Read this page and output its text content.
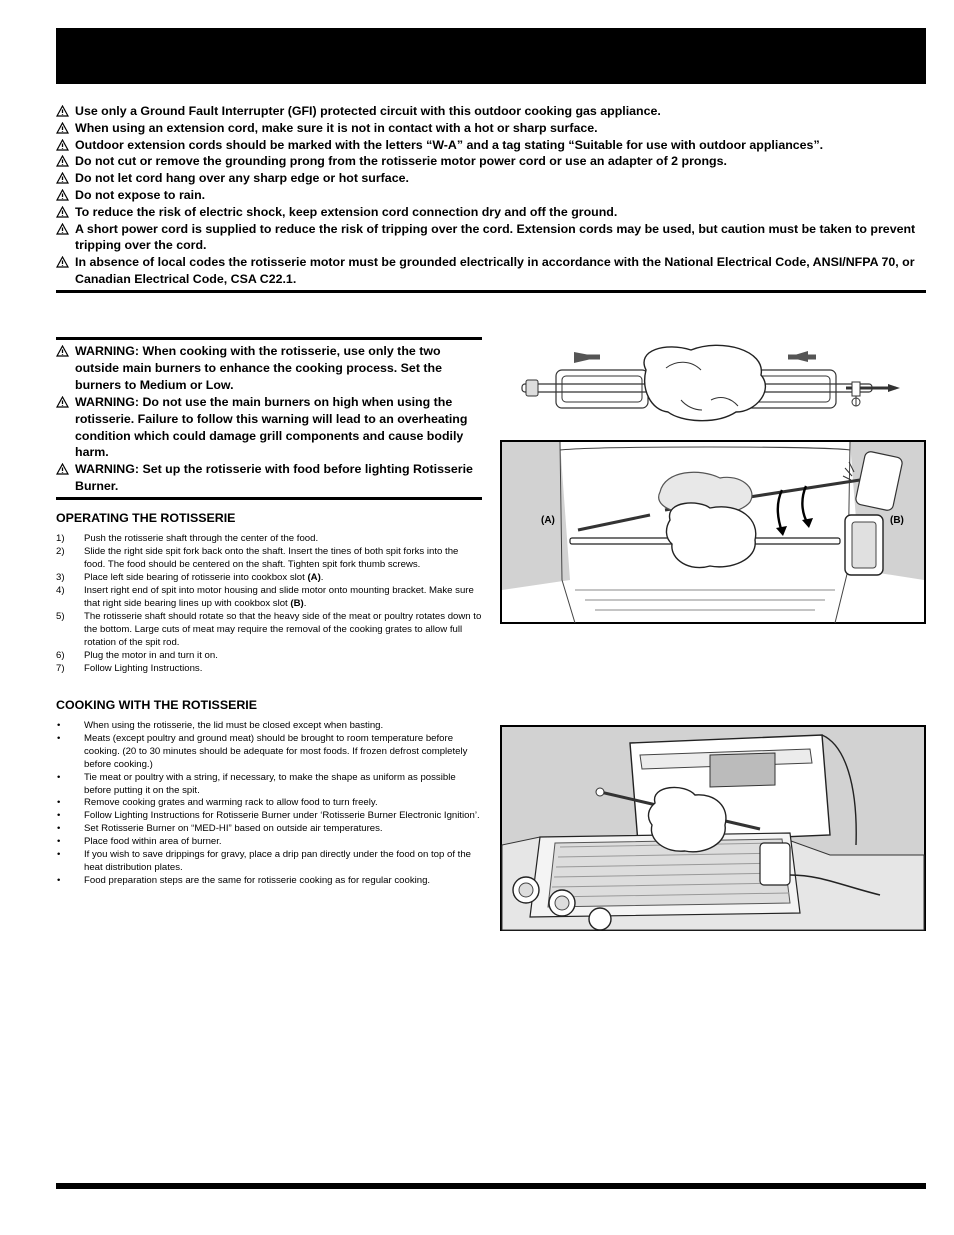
Use only a Ground Fault Interrupter (GFI) protected circuit with this outdoor cooking gas appliance.
When using an extension cord, make sure it is not in contact with a hot or sharp surface.
Outdoor extension cords should be marked with the letters “W-A” and a tag stating “Suitable for use with outdoor appliances”.
Do not cut or remove the grounding prong from the rotisserie motor power cord or use an adapter of 2 prongs.
Do not let cord hang over any sharp edge or hot surface.
Do not expose to rain.
To reduce the risk of electric shock, keep extension cord connection dry and off the ground.
A short power cord is supplied to reduce the risk of tripping over the cord. Extension cords may be used, but caution must be taken to prevent tripping over the cord.
In absence of local codes the rotisserie motor must be grounded electrically in accordance with the National Electrical Code, ANSI/NFPA 70, or Canadian Electrical Code, CSA C22.1.
WARNING: When cooking with the rotisserie, use only the two outside main burners to enhance the cooking process. Set the burners to Medium or Low.
WARNING: Do not use the main burners on high when using the rotisserie. Failure to follow this warning will lead to an overheating condition which could damage grill components and cause bodily harm.
WARNING: Set up the rotisserie with food before lighting Rotisserie Burner.
OPERATING THE ROTISSERIE
1) Push the rotisserie shaft through the center of the food.
2) Slide the right side spit fork back onto the shaft. Insert the tines of both spit forks into the food. The food should be centered on the shaft. Tighten spit fork thumb screws.
3) Place left side bearing of rotisserie into cookbox slot (A).
4) Insert right end of spit into motor housing and slide motor onto mounting bracket. Make sure that right side bearing lines up with cookbox slot (B).
5) The rotisserie shaft should rotate so that the heavy side of the meat or poultry rotates down to the bottom. Large cuts of meat may require the removal of the cooking grates to allow full rotation of the spit rod.
6) Plug the motor in and turn it on.
7) Follow Lighting Instructions.
COOKING WITH THE ROTISSERIE
• When using the rotisserie, the lid must be closed except when basting.
• Meats (except poultry and ground meat) should be brought to room temperature before cooking. (20 to 30 minutes should be adequate for most foods. If frozen defrost completely before cooking.)
• Tie meat or poultry with a string, if necessary, to make the shape as uniform as possible before putting it on the spit.
• Remove cooking grates and warming rack to allow food to turn freely.
• Follow Lighting Instructions for Rotisserie Burner under ‘Rotisserie Burner Electronic Ignition’.
• Set Rotisserie Burner on “MED-HI” based on outside air temperatures.
• Place food within area of burner.
• If you wish to save drippings for gravy, place a drip pan directly under the food on top of the heat distribution plates.
• Food preparation steps are the same for rotisserie cooking as for regular cooking.
(A)	(B)
